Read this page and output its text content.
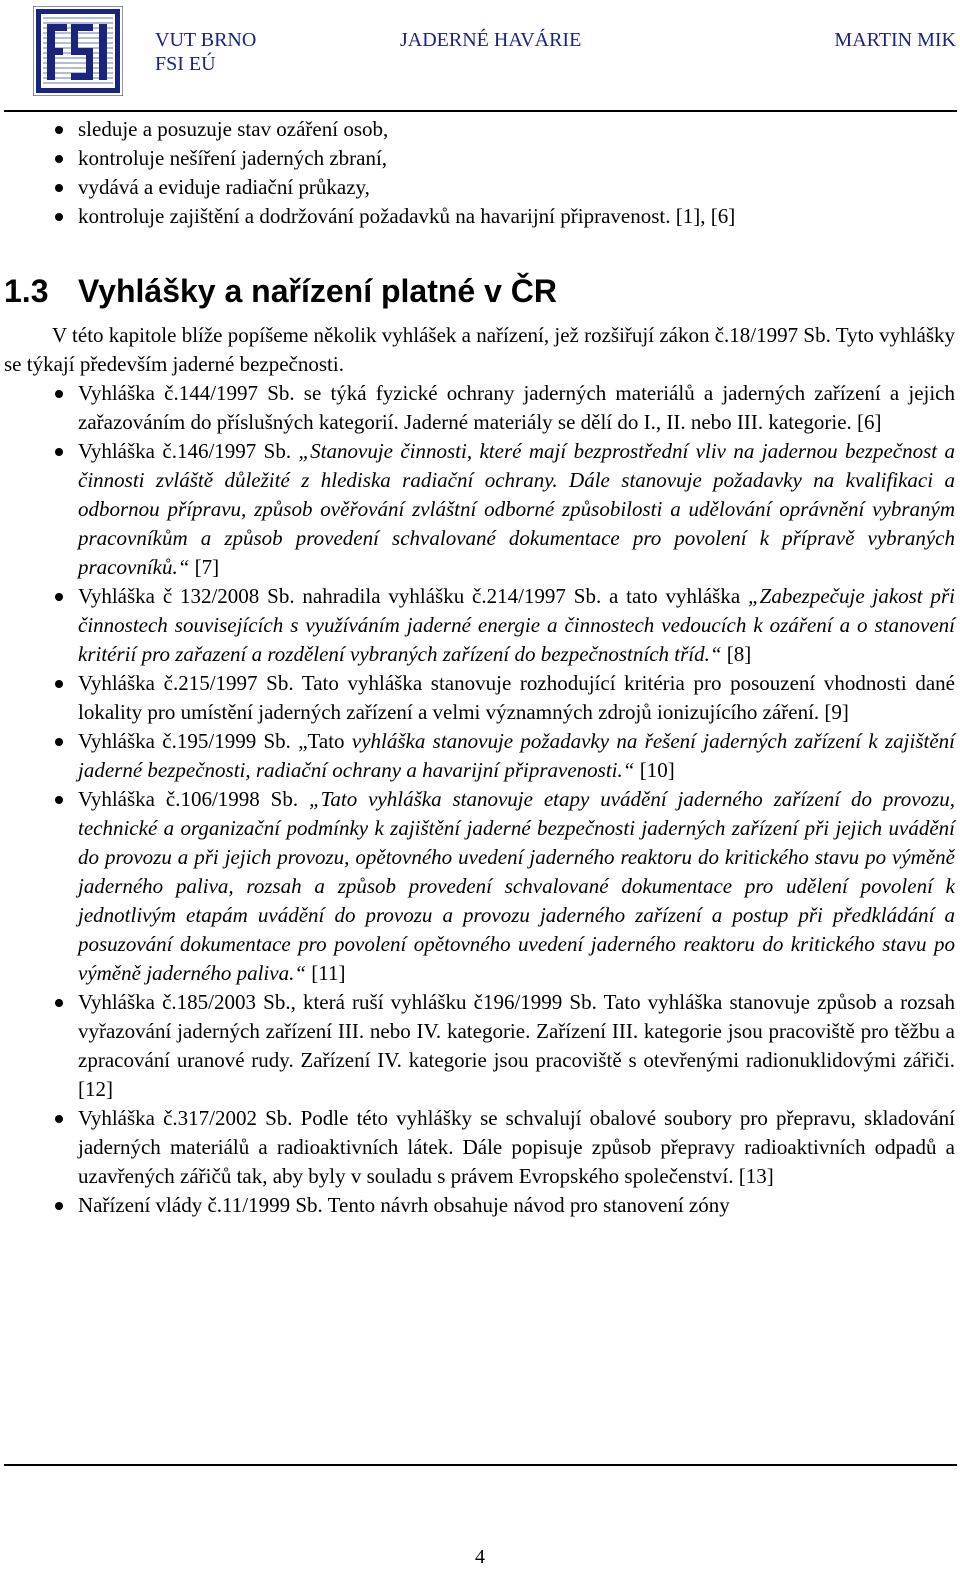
VUT BRNO
FSI EÚ
JADERNÉ HAVÁRIE	MARTIN MIK
sleduje a posuzuje stav ozáření osob,
kontroluje nešíření jaderných zbraní,
vydává a eviduje radiační průkazy,
kontroluje zajištění a dodržování požadavků na havarijní připravenost. [1], [6]
1.3 Vyhlášky a nařízení platné v ČR

V této kapitole blíže popíšeme několik vyhlášek a nařízení, jež rozšiřují zákon č.18/1997 Sb. Tyto vyhlášky se týkají především jaderné bezpečnosti.

Vyhláška č.144/1997 Sb. se týká fyzické ochrany jaderných materiálů a jaderných zařízení a jejich zařazováním do příslušných kategorií. Jaderné materiály se dělí do I., II. nebo III. kategorie. [6]
Vyhláška č.146/1997 Sb. „Stanovuje činnosti, které mají bezprostřední vliv na jadernou bezpečnost a činnosti zvláště důležité z hlediska radiační ochrany. Dále stanovuje požadavky na kvalifikaci a odbornou přípravu, způsob ověřování zvláštní odborné způsobilosti a udělování oprávnění vybraným pracovníkům a způsob provedení schvalované dokumentace pro povolení k přípravě vybraných pracovníků.“ [7]
Vyhláška č 132/2008 Sb. nahradila vyhlášku č.214/1997 Sb. a tato vyhláška „Zabezpečuje jakost při činnostech souvisejících s využíváním jaderné energie a činnostech vedoucích k ozáření a o stanovení kritérií pro zařazení a rozdělení vybraných zařízení do bezpečnostních tříd.“ [8]
Vyhláška č.215/1997 Sb. Tato vyhláška stanovuje rozhodující kritéria pro posouzení vhodnosti dané lokality pro umístění jaderných zařízení a velmi významných zdrojů ionizujícího záření. [9]
Vyhláška č.195/1999 Sb. „Tato vyhláška stanovuje požadavky na řešení jaderných zařízení k zajištění jaderné bezpečnosti, radiační ochrany a havarijní připravenosti.“ [10]
Vyhláška č.106/1998 Sb. „Tato vyhláška stanovuje etapy uvádění jaderného zařízení do provozu, technické a organizační podmínky k zajištění jaderné bezpečnosti jaderných zařízení při jejich uvádění do provozu a při jejich provozu, opětovného uvedení jaderného reaktoru do kritického stavu po výměně jaderného paliva, rozsah a způsob provedení schvalované dokumentace pro udělení povolení k jednotlivým etapám uvádění do provozu a provozu jaderného zařízení a postup při předkládání a posuzování dokumentace pro povolení opětovného uvedení jaderného reaktoru do kritického stavu po výměně jaderného paliva.“ [11]
Vyhláška č.185/2003 Sb., která ruší vyhlášku č196/1999 Sb. Tato vyhláška stanovuje způsob a rozsah vyřazování jaderných zařízení III. nebo IV. kategorie. Zařízení III. kategorie jsou pracoviště pro těžbu a zpracování uranové rudy. Zařízení IV. kategorie jsou pracoviště s otevřenými radionuklidovými zářiči. [12]
Vyhláška č.317/2002 Sb. Podle této vyhlášky se schvalují obalové soubory pro přepravu, skladování jaderných materiálů a radioaktivních látek. Dále popisuje způsob přepravy radioaktivních odpadů a uzavřených zářičů tak, aby byly v souladu s právem Evropského společenství. [13]
Nařízení vlády č.11/1999 Sb. Tento návrh obsahuje návod pro stanovení zóny
4
